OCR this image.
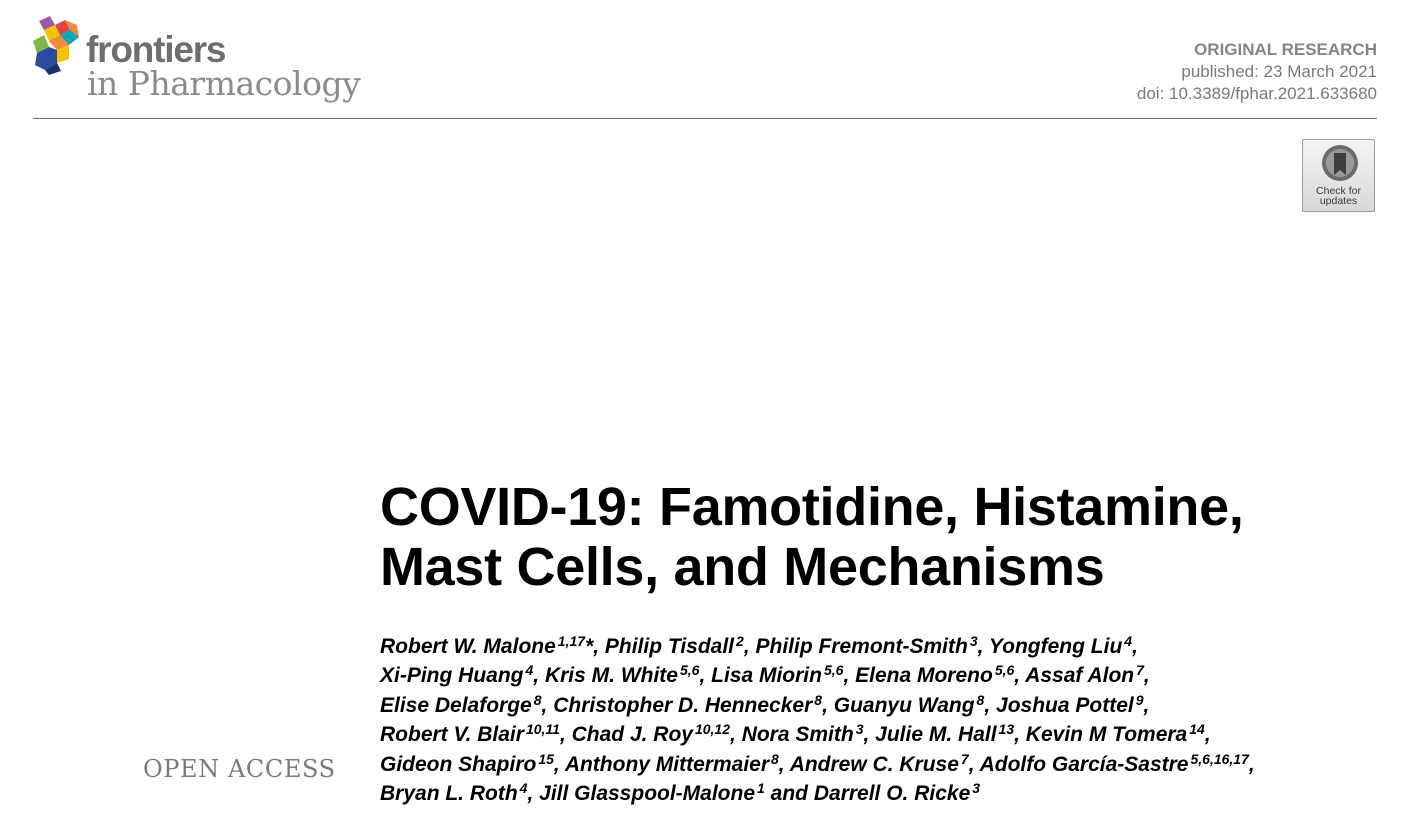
frontiers
in Pharmacology
ORIGINAL RESEARCH
published: 23 March 2021
doi: 10.3389/fphar.2021.633680
Check for
updates
OPEN ACCESS
COVID-19: Famotidine, Histamine,
Mast Cells, and Mechanisms
Robert W. Malone $^{1,17}$*, Philip Tisdall $^2$, Philip Fremont-Smith $^3$, Yongfeng Liu $^4$,
Xi-Ping Huang $^4$, Kris M. White $^{5,6}$, Lisa Miorin $^{5,6}$, Elena Moreno $^{5,6}$, Assaf Alon $^7$,
Elise Delaforge $^8$, Christopher D. Hennecker $^8$, Guanyu Wang $^8$, Joshua Pottel $^9$,
Robert V. Blair $^{10,11}$, Chad J. Roy $^{10,12}$, Nora Smith $^3$, Julie M. Hall $^{13}$, Kevin M Tomera $^{14}$,
Gideon Shapiro $^{15}$, Anthony Mittermaier $^8$, Andrew C. Kruse $^7$, Adolfo García-Sastre $^{5,6,16,17}$,
Bryan L. Roth $^4$, Jill Glasspool-Malone $^1$ and Darrell O. Ricke $^3$
